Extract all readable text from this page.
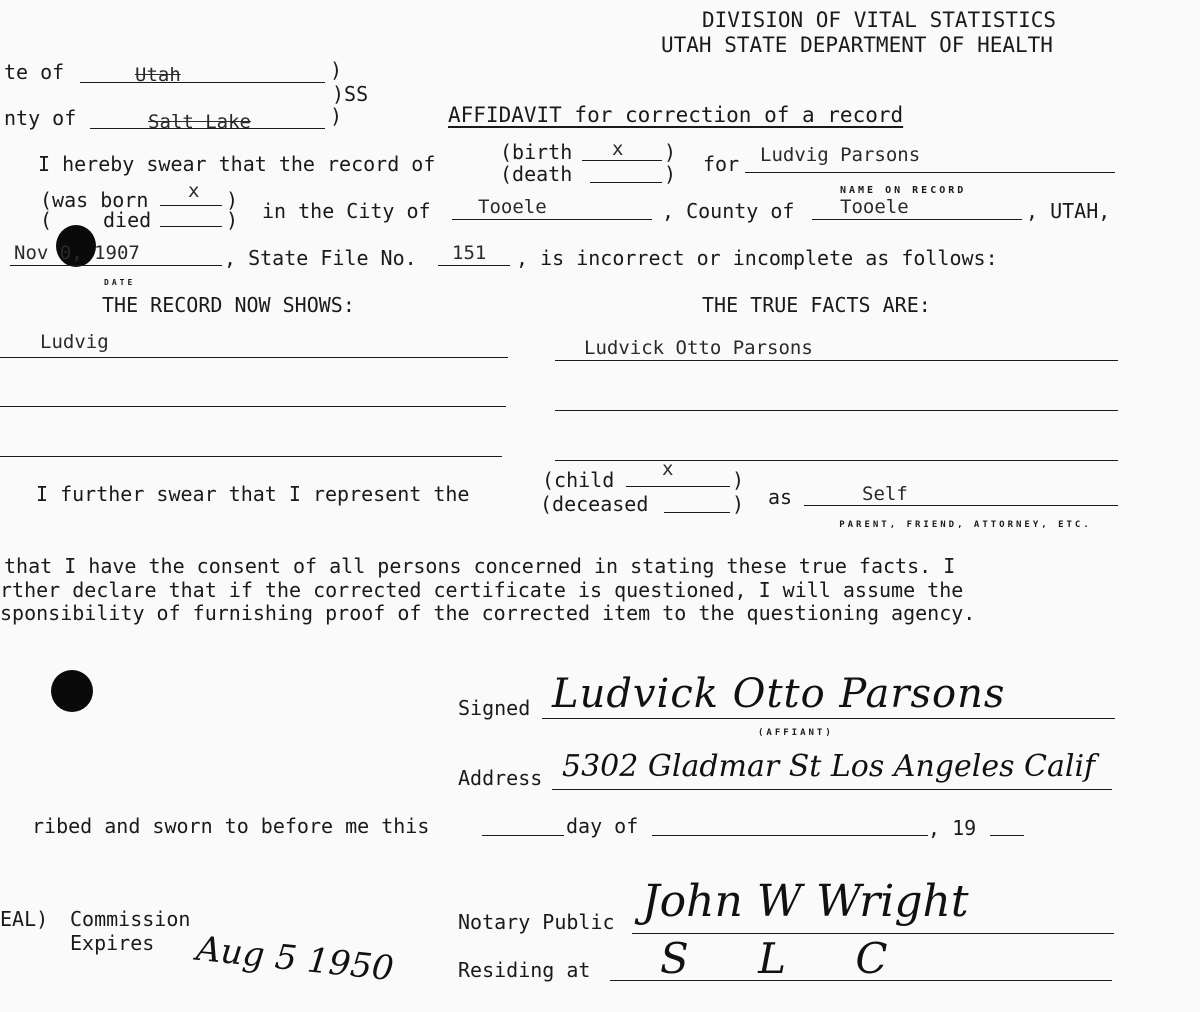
DIVISION OF VITAL STATISTICS
UTAH STATE DEPARTMENT OF HEALTH
te of	Utah	)
)SS
nty of	Salt Lake	)	AFFIDAVIT for correction of a record
I hereby swear that the record of	(birth x )
(death	) for Ludvig Parsons
NAME ON RECORD
(was born x )
(	died	) in the City of Tooele	, County of Tooele	, UTAH,
Nov 0, 1907
DATE
, State File No. 151 , is incorrect or incomplete as follows:
THE RECORD NOW SHOWS:	THE TRUE FACTS ARE:
Ludvig	Ludvick Otto Parsons
I further swear that I represent the
(child	x	)
(deceased	) as	Self
PARENT, FRIEND, ATTORNEY, ETC.
that I have the consent of all persons concerned in stating these true facts. I
rther declare that if the corrected certificate is questioned, I will assume the
sponsibility of furnishing proof of the corrected item to the questioning agency.
Signed Ludvick Otto Parsons
(AFFIANT)
Address 5302 Gladmar St Los Angeles Calif
ribed and sworn to before me this	day of	, 19
EAL) Commission
Expires Aug 5 1950
Notary Public John W Wright
Residing at S L C
